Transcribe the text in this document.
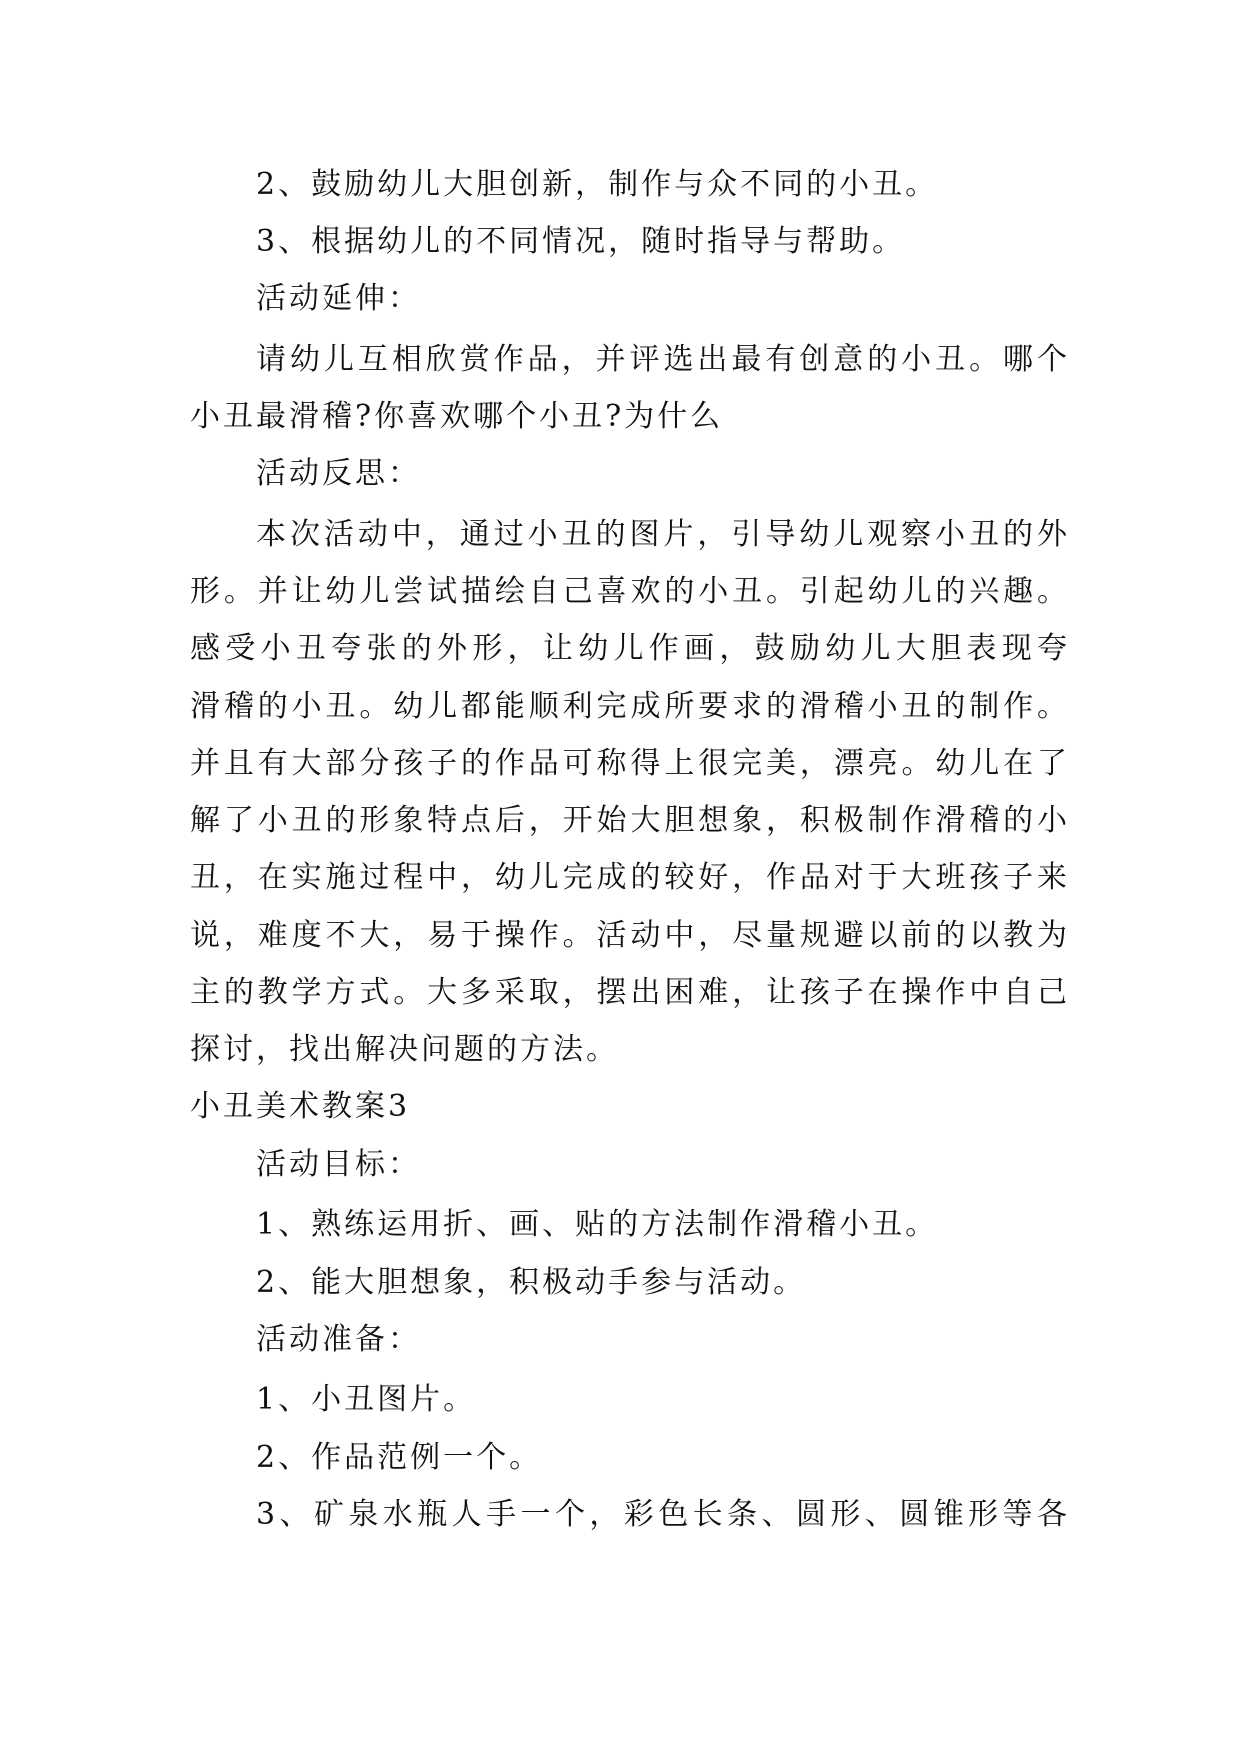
2、鼓励幼儿大胆创新，制作与众不同的小丑。
3、根据幼儿的不同情况，随时指导与帮助。
活动延伸：
请幼儿互相欣赏作品，并评选出最有创意的小丑。哪个
小丑最滑稽?你喜欢哪个小丑?为什么
活动反思：
本次活动中，通过小丑的图片，引导幼儿观察小丑的外
形。并让幼儿尝试描绘自己喜欢的小丑。引起幼儿的兴趣。
感受小丑夸张的外形，让幼儿作画，鼓励幼儿大胆表现夸
滑稽的小丑。幼儿都能顺利完成所要求的滑稽小丑的制作。
并且有大部分孩子的作品可称得上很完美，漂亮。幼儿在了
解了小丑的形象特点后，开始大胆想象，积极制作滑稽的小
丑，在实施过程中，幼儿完成的较好，作品对于大班孩子来
说，难度不大，易于操作。活动中，尽量规避以前的以教为
主的教学方式。大多采取，摆出困难，让孩子在操作中自己
探讨，找出解决问题的方法。
小丑美术教案3
活动目标：
1、熟练运用折、画、贴的方法制作滑稽小丑。
2、能大胆想象，积极动手参与活动。
活动准备：
1、小丑图片。
2、作品范例一个。
3、矿泉水瓶人手一个，彩色长条、圆形、圆锥形等各
